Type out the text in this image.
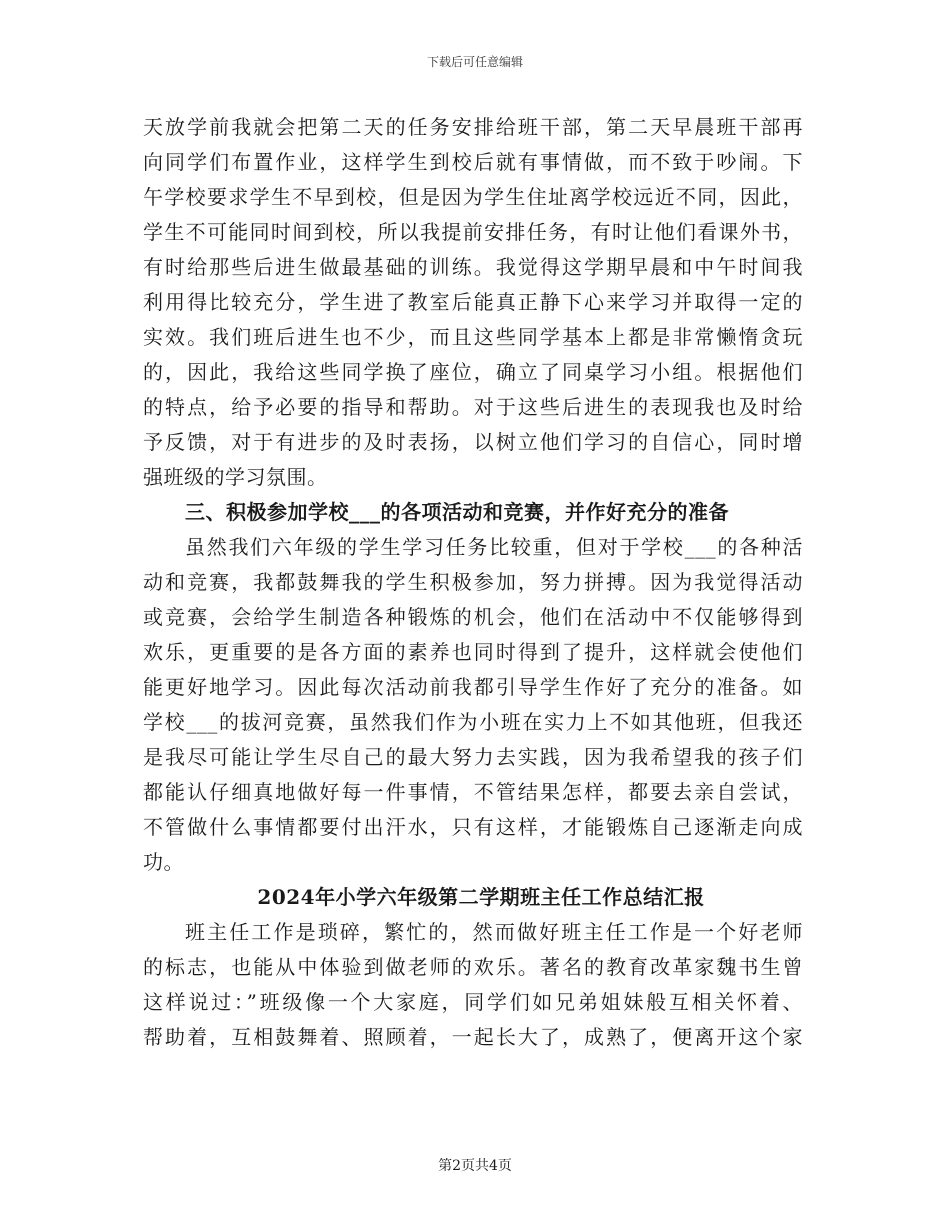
下载后可任意编辑
天放学前我就会把第二天的任务安排给班干部，第二天早晨班干部再
向同学们布置作业，这样学生到校后就有事情做，而不致于吵闹。下
午学校要求学生不早到校，但是因为学生住址离学校远近不同，因此，
学生不可能同时间到校，所以我提前安排任务，有时让他们看课外书，
有时给那些后进生做最基础的训练。我觉得这学期早晨和中午时间我
利用得比较充分，学生进了教室后能真正静下心来学习并取得一定的
实效。我们班后进生也不少，而且这些同学基本上都是非常懒惰贪玩
的，因此，我给这些同学换了座位，确立了同桌学习小组。根据他们
的特点，给予必要的指导和帮助。对于这些后进生的表现我也及时给
予反馈，对于有进步的及时表扬，以树立他们学习的自信心，同时增
强班级的学习氛围。
三、积极参加学校___的各项活动和竞赛，并作好充分的准备
虽然我们六年级的学生学习任务比较重，但对于学校___的各种活
动和竞赛，我都鼓舞我的学生积极参加，努力拼搏。因为我觉得活动
或竞赛，会给学生制造各种锻炼的机会，他们在活动中不仅能够得到
欢乐，更重要的是各方面的素养也同时得到了提升，这样就会使他们
能更好地学习。因此每次活动前我都引导学生作好了充分的准备。如
学校___的拔河竞赛，虽然我们作为小班在实力上不如其他班，但我还
是我尽可能让学生尽自己的最大努力去实践，因为我希望我的孩子们
都能认仔细真地做好每一件事情，不管结果怎样，都要去亲自尝试，
不管做什么事情都要付出汗水，只有这样，才能锻炼自己逐渐走向成
功。
2024年小学六年级第二学期班主任工作总结汇报
班主任工作是琐碎，繁忙的，然而做好班主任工作是一个好老师
的标志，也能从中体验到做老师的欢乐。著名的教育改革家魏书生曾
这样说过：”班级像一个大家庭，同学们如兄弟姐妹般互相关怀着、
帮助着，互相鼓舞着、照顾着，一起长大了，成熟了，便离开这个家
第2页共4页
